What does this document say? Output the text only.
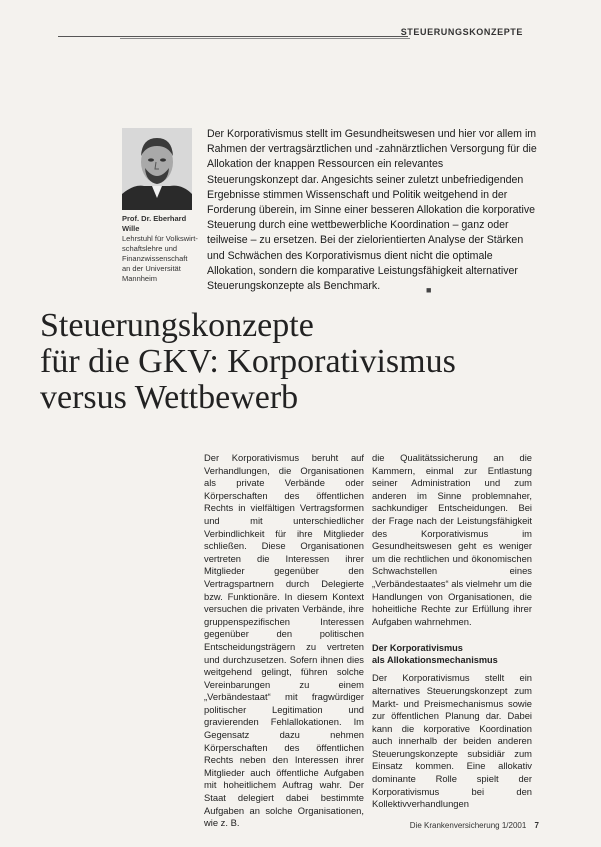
STEUERUNGSKONZEPTE
Prof. Dr. Eberhard Wille
Lehrstuhl für Volkswirt-
schaftslehre und
Finanzwissenschaft
an der Universität
Mannheim

Der Korporativismus stellt im Gesundheitswesen und hier vor allem im Rahmen der vertragsärztlichen und -zahnärztlichen Versorgung für die Allokation der knappen Ressourcen ein relevantes Steuerungskonzept dar. Angesichts seiner zuletzt unbefriedigenden Ergebnisse stimmen Wissenschaft und Politik weitgehend in der Forderung überein, im Sinne einer besseren Allokation die korporative Steuerung durch eine wettbewerbliche Koordination – ganz oder teilweise – zu ersetzen. Bei der zielorientierten Analyse der Stärken und Schwächen des Korporativismus dient nicht die optimale Allokation, sondern die komparative Leistungsfähigkeit alternativer Steuerungskonzepte als Benchmark.	■
Steuerungskonzepte
für die GKV: Korporativismus
versus Wettbewerb

Der Korporativismus beruht auf Verhandlungen, die Organisationen als private Verbände oder Körperschaften des öffentlichen Rechts in vielfältigen Vertragsformen und mit unterschiedlicher Verbindlichkeit für ihre Mitglieder schließen. Diese Organisationen vertreten die Interessen ihrer Mitglieder gegenüber den Vertragspartnern durch Delegierte bzw. Funktionäre. In diesem Kontext versuchen die privaten Verbände, ihre gruppenspezifischen Interessen gegenüber den politischen Entscheidungsträgern zu vertreten und durchzusetzen. Sofern ihnen dies weitgehend gelingt, führen solche Vereinbarungen zu einem „Verbändestaat“ mit fragwürdiger politischer Legitimation und gravierenden Fehlallokationen. Im Gegensatz dazu nehmen Körperschaften des öffentlichen Rechts neben den Interessen ihrer Mitglieder auch öffentliche Aufgaben mit hoheitlichem Auftrag wahr. Der Staat delegiert dabei bestimmte Aufgaben an solche Organisationen, wie z. B.

die Qualitätssicherung an die Kammern, einmal zur Entlastung seiner Administration und zum anderen im Sinne problemnaher, sachkundiger Entscheidungen. Bei der Frage nach der Leistungsfähigkeit des Korporativismus im Gesundheitswesen geht es weniger um die rechtlichen und ökonomischen Schwachstellen eines „Verbändestaates“ als vielmehr um die Handlungen von Organisationen, die hoheitliche Rechte zur Erfüllung ihrer Aufgaben wahrnehmen.

Der Korporativismus
als Allokationsmechanismus

Der Korporativismus stellt ein alternatives Steuerungskonzept zum Markt- und Preismechanismus sowie zur öffentlichen Planung dar. Dabei kann die korporative Koordination auch innerhalb der beiden anderen Steuerungskonzepte subsidiär zum Einsatz kommen. Eine allokativ dominante Rolle spielt der Korporativismus bei den Kollektivverhandlungen

Die Krankenversicherung 1/2001 7
